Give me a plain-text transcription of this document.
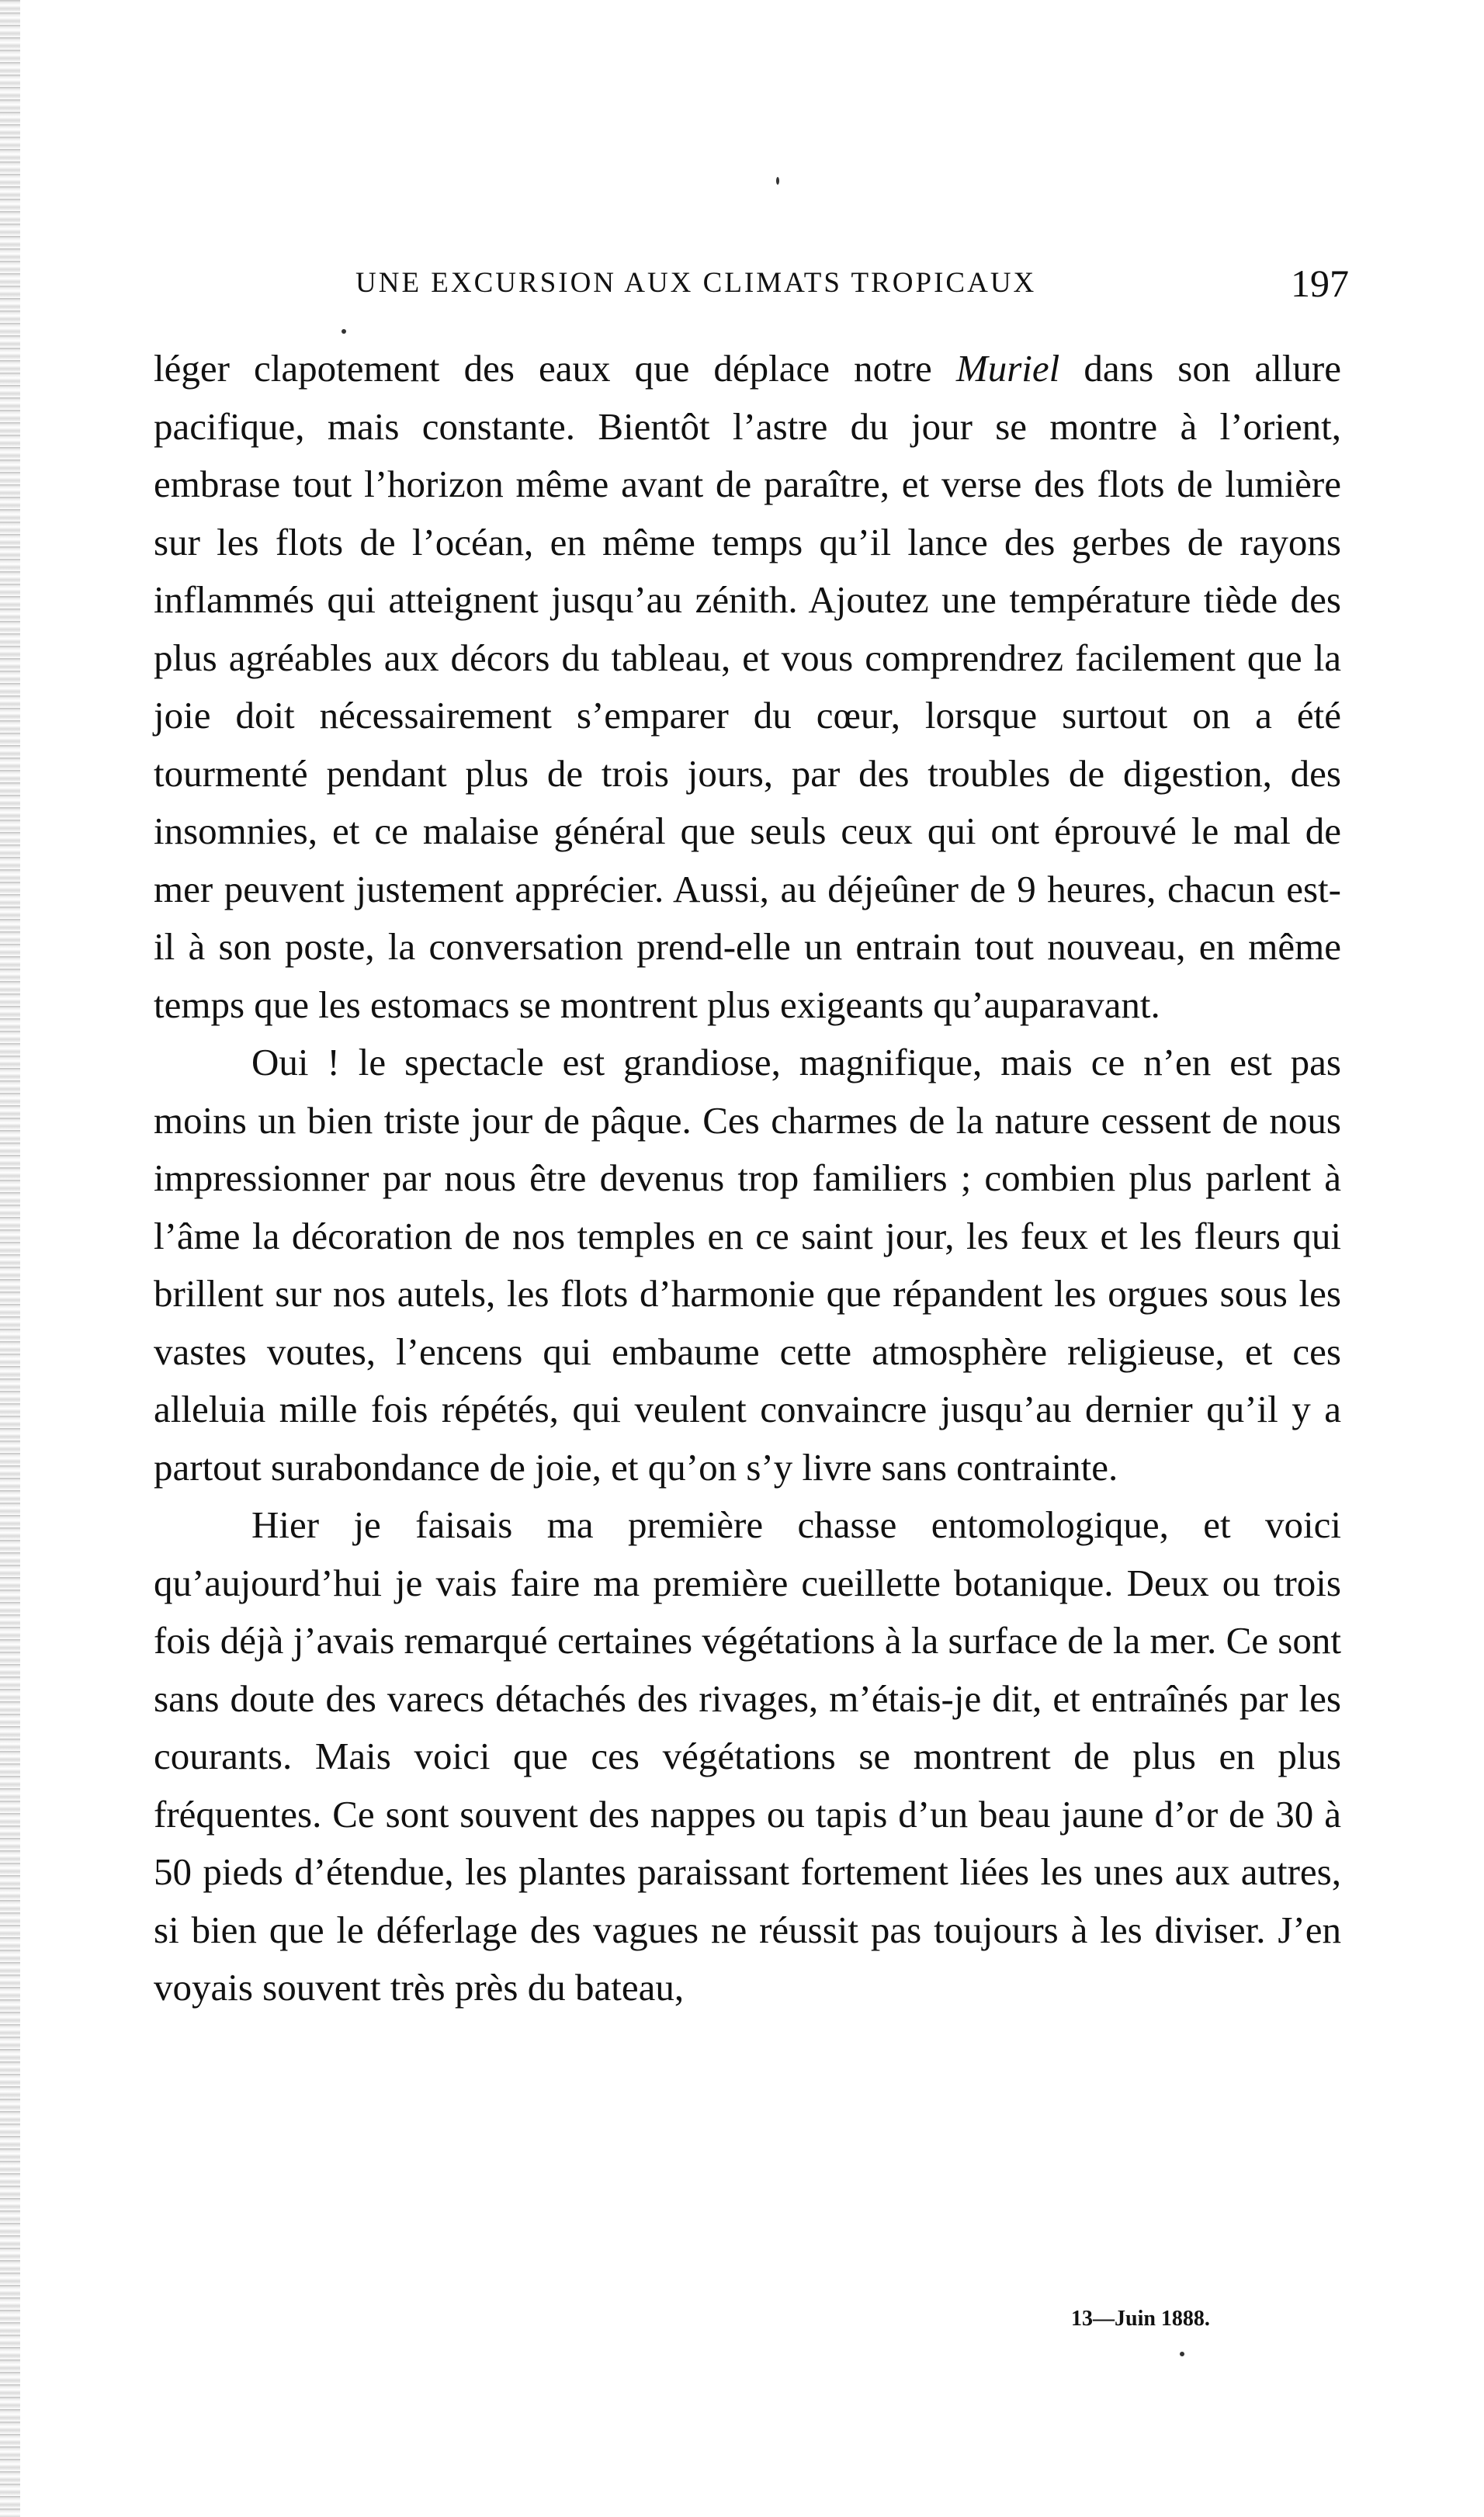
UNE EXCURSION AUX CLIMATS TROPICAUX	197

léger clapotement des eaux que déplace notre Muriel dans son allure pacifique, mais constante. Bientôt l’astre du jour se montre à l’orient, embrase tout l’horizon même avant de paraître, et verse des flots de lumière sur les flots de l’océan, en même temps qu’il lance des gerbes de rayons inflammés qui atteignent jusqu’au zénith. Ajoutez une température tiède des plus agréables aux décors du tableau, et vous comprendrez facilement que la joie doit nécessairement s’emparer du cœur, lorsque surtout on a été tourmenté pendant plus de trois jours, par des troubles de digestion, des insomnies, et ce malaise général que seuls ceux qui ont éprouvé le mal de mer peuvent justement apprécier. Aussi, au déjeûner de 9 heures, chacun est-il à son poste, la conversation prend-elle un entrain tout nouveau, en même temps que les estomacs se montrent plus exigeants qu’auparavant.

Oui ! le spectacle est grandiose, magnifique, mais ce n’en est pas moins un bien triste jour de pâque. Ces charmes de la nature cessent de nous impressionner par nous être devenus trop familiers ; combien plus parlent à l’âme la décoration de nos temples en ce saint jour, les feux et les fleurs qui brillent sur nos autels, les flots d’harmonie que répandent les orgues sous les vastes voutes, l’encens qui embaume cette atmosphère religieuse, et ces alleluia mille fois répétés, qui veulent convaincre jusqu’au dernier qu’il y a partout surabondance de joie, et qu’on s’y livre sans contrainte.

Hier je faisais ma première chasse entomologique, et voici qu’aujourd’hui je vais faire ma première cueillette botanique. Deux ou trois fois déjà j’avais remarqué certaines végétations à la surface de la mer. Ce sont sans doute des varecs détachés des rivages, m’étais-je dit, et entraînés par les courants. Mais voici que ces végétations se montrent de plus en plus fréquentes. Ce sont souvent des nappes ou tapis d’un beau jaune d’or de 30 à 50 pieds d’étendue, les plantes paraissant fortement liées les unes aux autres, si bien que le déferlage des vagues ne réussit pas toujours à les diviser. J’en voyais souvent très près du bateau,

13—Juin 1888.
